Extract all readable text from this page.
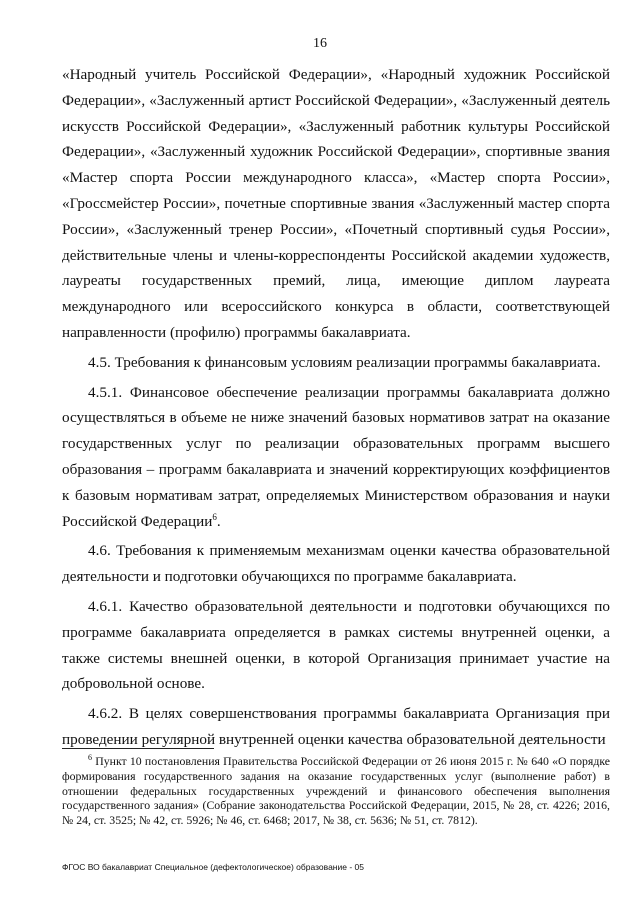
16

«Народный учитель Российской Федерации», «Народный художник Российской Федерации», «Заслуженный артист Российской Федерации», «Заслуженный деятель искусств Российской Федерации», «Заслуженный работник культуры Российской Федерации», «Заслуженный художник Российской Федерации», спортивные звания «Мастер спорта России международного класса», «Мастер спорта России», «Гроссмейстер России», почетные спортивные звания «Заслуженный мастер спорта России», «Заслуженный тренер России», «Почетный спортивный судья России», действительные члены и члены-корреспонденты Российской академии художеств, лауреаты государственных премий, лица, имеющие диплом лауреата международного или всероссийского конкурса в области, соответствующей направленности (профилю) программы бакалавриата.

4.5. Требования к финансовым условиям реализации программы бакалавриата.

4.5.1. Финансовое обеспечение реализации программы бакалавриата должно осуществляться в объеме не ниже значений базовых нормативов затрат на оказание государственных услуг по реализации образовательных программ высшего образования – программ бакалавриата и значений корректирующих коэффициентов к базовым нормативам затрат, определяемых Министерством образования и науки Российской Федерации$^6$.

4.6. Требования к применяемым механизмам оценки качества образовательной деятельности и подготовки обучающихся по программе бакалавриата.

4.6.1. Качество образовательной деятельности и подготовки обучающихся по программе бакалавриата определяется в рамках системы внутренней оценки, а также системы внешней оценки, в которой Организация принимает участие на добровольной основе.

4.6.2. В целях совершенствования программы бакалавриата Организация при проведении регулярной внутренней оценки качества образовательной деятельности

$^6$ Пункт 10 постановления Правительства Российской Федерации от 26 июня 2015 г. № 640 «О порядке формирования государственного задания на оказание государственных услуг (выполнение работ) в отношении федеральных государственных учреждений и финансового обеспечения выполнения государственного задания» (Собрание законодательства Российской Федерации, 2015, № 28, ст. 4226; 2016, № 24, ст. 3525; № 42, ст. 5926; № 46, ст. 6468; 2017, № 38, ст. 5636; № 51, ст. 7812).
ФГОС ВО бакалавриат Специальное (дефектологическое) образование - 05
